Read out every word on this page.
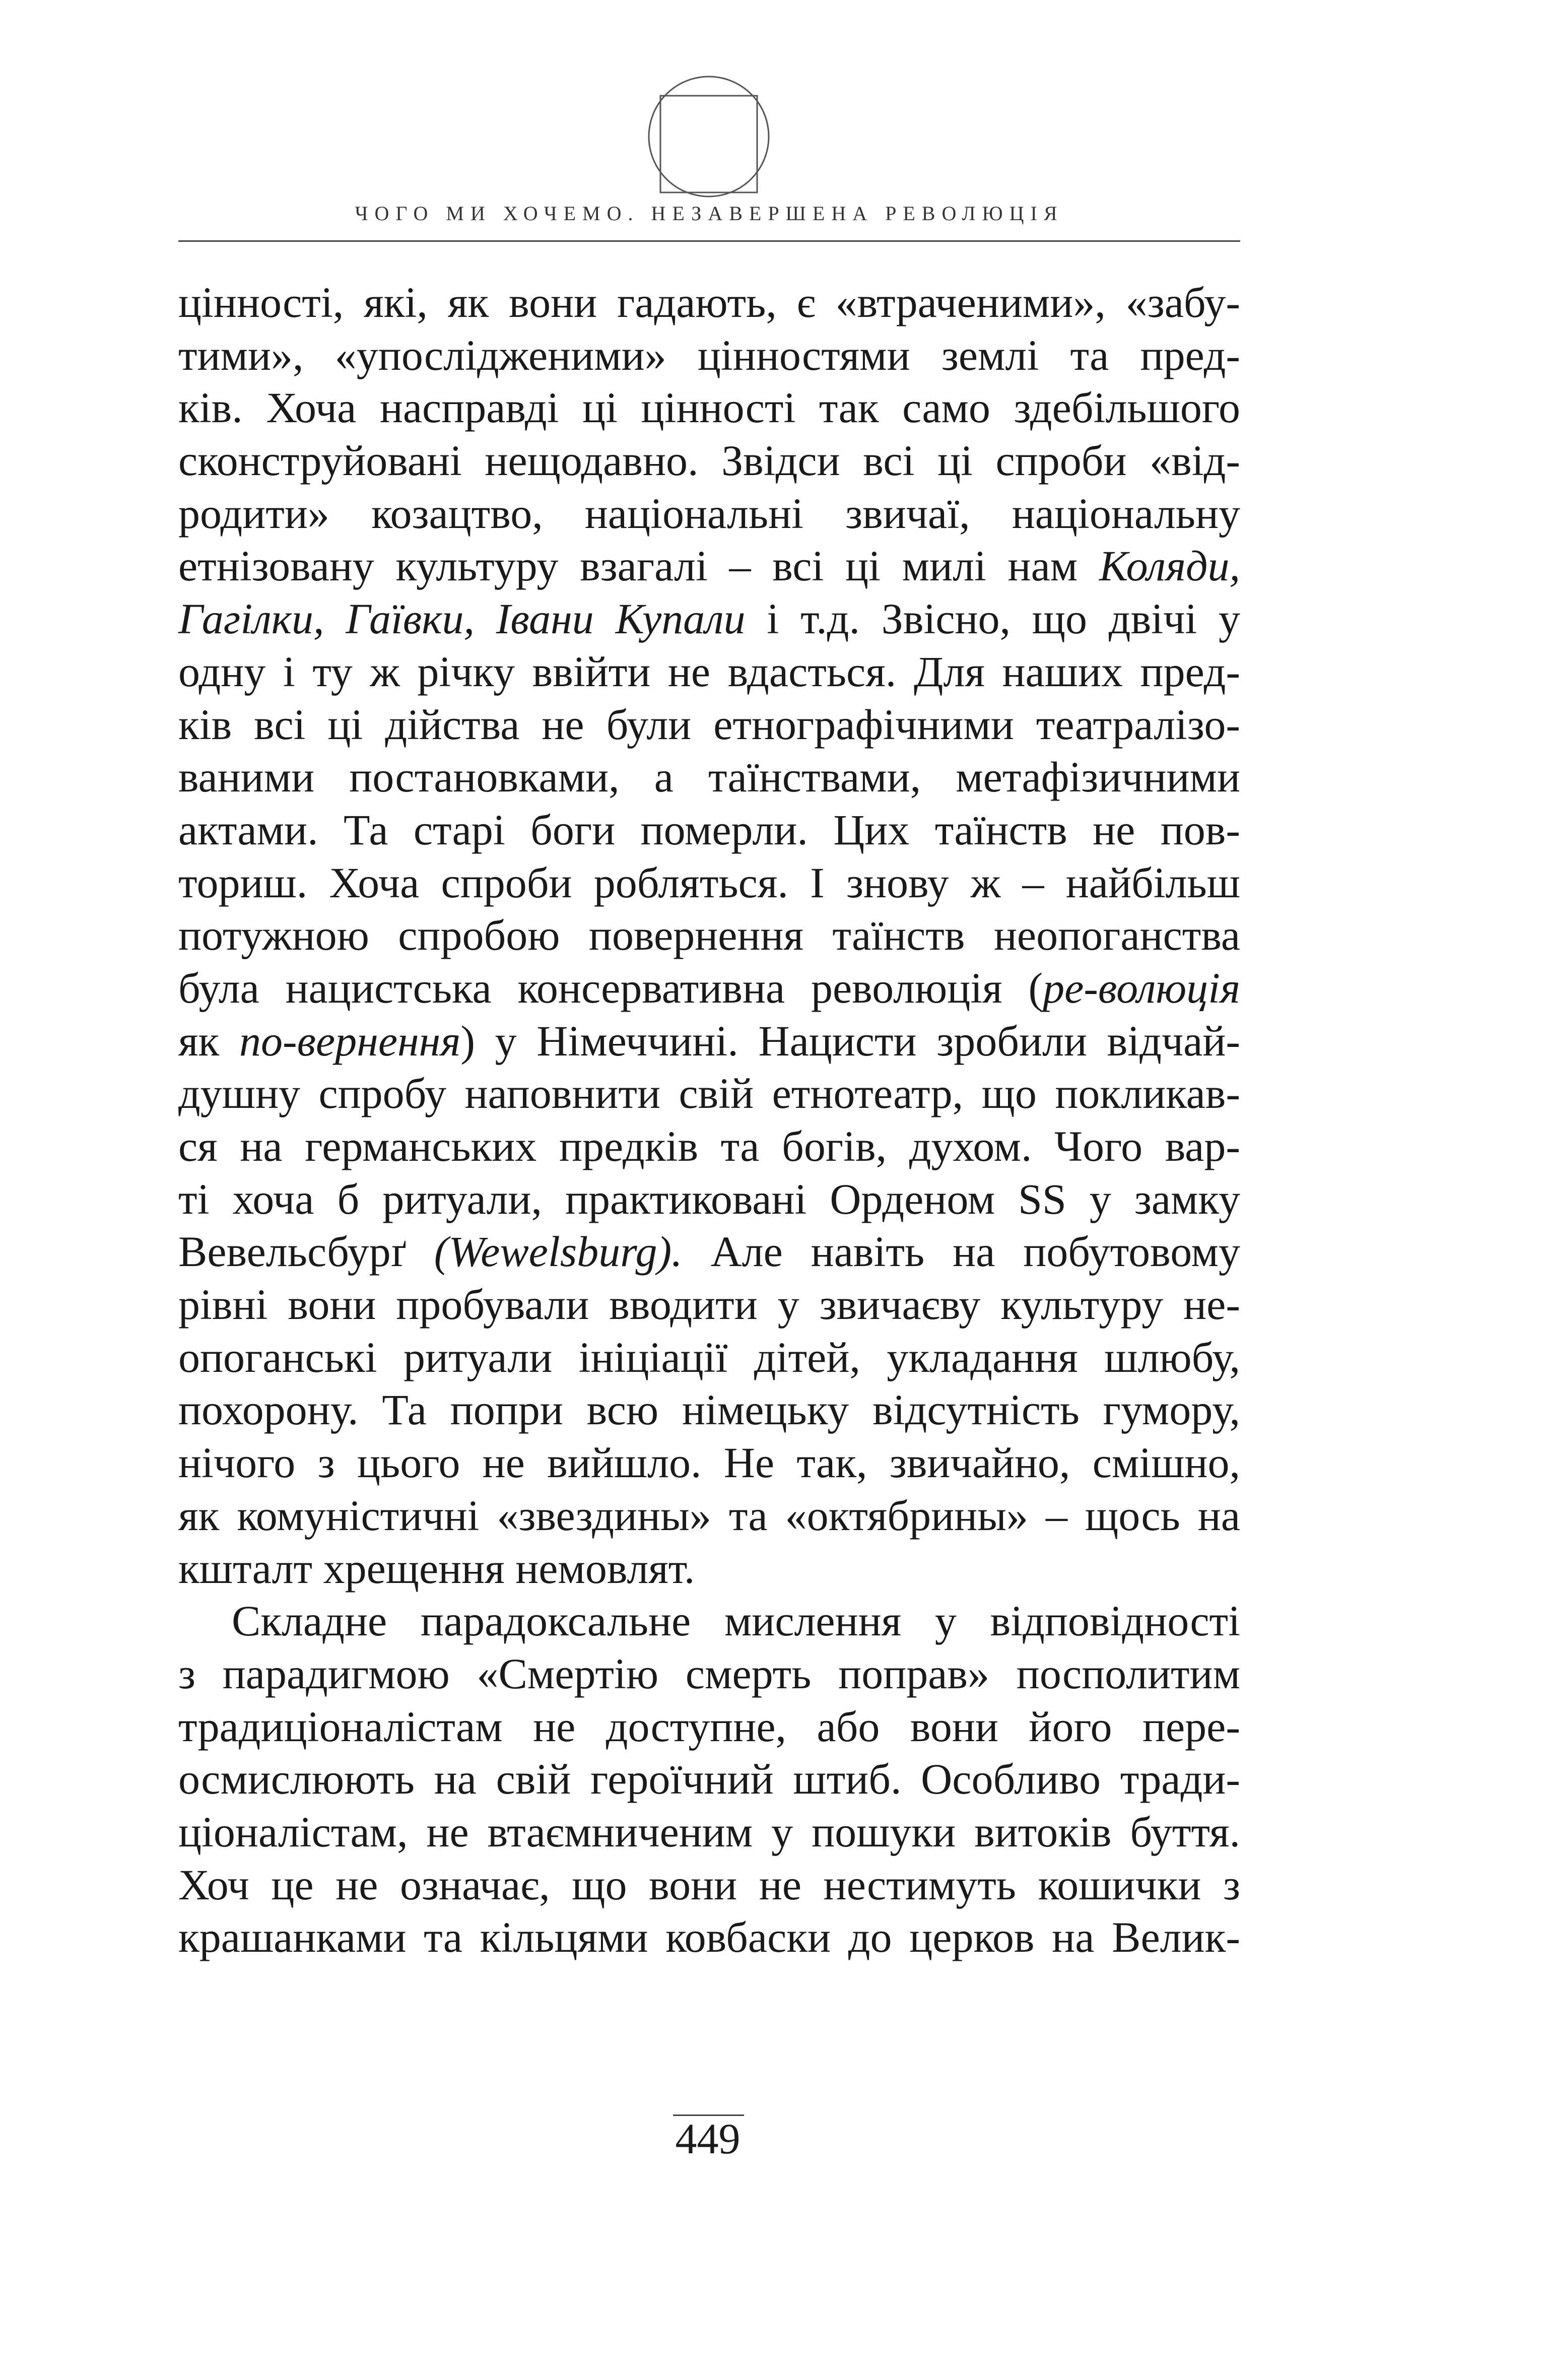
ЧОГО МИ ХОЧЕМО. НЕЗАВЕРШЕНА РЕВОЛЮЦІЯ
цінності, які, як вони гадають, є «втраченими», «забу-
тими», «упослідженими» цінностями землі та пред-
ків. Хоча насправді ці цінності так само здебільшого
сконструйовані нещодавно. Звідси всі ці спроби «від-
родити» козацтво, національні звичаї, національну
етнізовану культуру взагалі – всі ці милі нам Коляди,
Гагілки, Гаївки, Івани Купали і т.д. Звісно, що двічі у
одну і ту ж річку ввійти не вдасться. Для наших пред-
ків всі ці дійства не були етнографічними театралізо-
ваними постановками, а таїнствами, метафізичними
актами. Та старі боги померли. Цих таїнств не пов-
ториш. Хоча спроби робляться. І знову ж – найбільш
потужною спробою повернення таїнств неопоганства
була нацистська консервативна революція (ре-волюція
як по-вернення) у Німеччині. Нацисти зробили відчай-
душну спробу наповнити свій етнотеатр, що покликав-
ся на германських предків та богів, духом. Чого вар-
ті хоча б ритуали, практиковані Орденом SS у замку
Вевельсбурґ (Wewelsburg). Але навіть на побутовому
рівні вони пробували вводити у звичаєву культуру не-
опоганські ритуали ініціації дітей, укладання шлюбу,
похорону. Та попри всю німецьку відсутність гумору,
нічого з цього не вийшло. Не так, звичайно, смішно,
як комуністичні «звездины» та «октябрины» – щось на
кшталт хрещення немовлят.
Складне парадоксальне мислення у відповідності
з парадигмою «Смертію смерть поправ» посполитим
традиціоналістам не доступне, або вони його пере-
осмислюють на свій героїчний штиб. Особливо тради-
ціоналістам, не втаємниченим у пошуки витоків буття.
Хоч це не означає, що вони не нестимуть кошички з
крашанками та кільцями ковбаски до церков на Велик-
449
